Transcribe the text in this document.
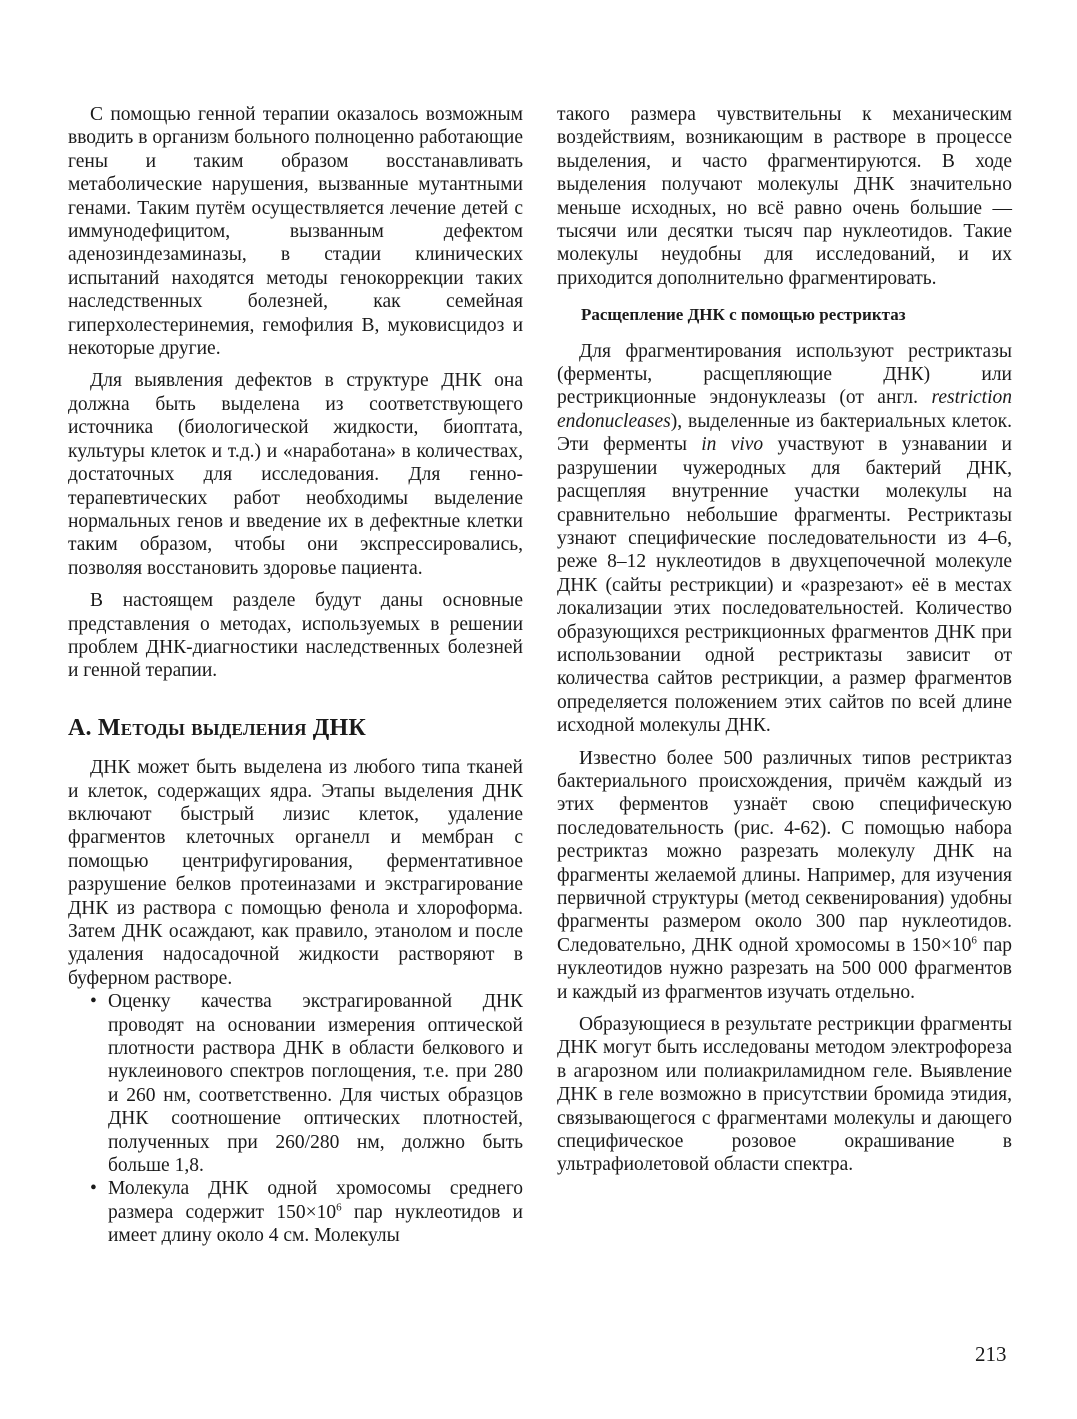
С помощью генной терапии оказалось возможным вводить в организм больного полноценно работающие гены и таким образом восстанавливать метаболические нарушения, вызванные мутантными генами. Таким путём осуществляется лечение детей с иммунодефицитом, вызванным дефектом аденозиндезаминазы, в стадии клинических испытаний находятся методы генокоррекции таких наследственных болезней, как семейная гиперхолестеринемия, гемофилия В, муковисцидоз и некоторые другие.

Для выявления дефектов в структуре ДНК она должна быть выделена из соответствующего источника (биологической жидкости, биоптата, культуры клеток и т.д.) и «наработана» в количествах, достаточных для исследования. Для генно-терапевтических работ необходимы выделение нормальных генов и введение их в дефектные клетки таким образом, чтобы они экспрессировались, позволяя восстановить здоровье пациента.

В настоящем разделе будут даны основные представления о методах, используемых в решении проблем ДНК-диагностики наследственных болезней и генной терапии.

А. Методы выделения ДНК

ДНК может быть выделена из любого типа тканей и клеток, содержащих ядра. Этапы выделения ДНК включают быстрый лизис клеток, удаление фрагментов клеточных органелл и мембран с помощью центрифугирования, ферментативное разрушение белков протеиназами и экстрагирование ДНК из раствора с помощью фенола и хлороформа. Затем ДНК осаждают, как правило, этанолом и после удаления надосадочной жидкости растворяют в буферном растворе.

• Оценку качества экстрагированной ДНК проводят на основании измерения оптической плотности раствора ДНК в области белкового и нуклеинового спектров поглощения, т.е. при 280 и 260 нм, соответственно. Для чистых образцов ДНК соотношение оптических плотностей, полученных при 260/280 нм, должно быть больше 1,8.
• Молекула ДНК одной хромосомы среднего размера содержит $150\times 10^6$ пар нуклеотидов и имеет длину около 4 см. Молекулы

такого размера чувствительны к механическим воздействиям, возникающим в растворе в процессе выделения, и часто фрагментируются. В ходе выделения получают молекулы ДНК значительно меньше исходных, но всё равно очень большие — тысячи или десятки тысяч пар нуклеотидов. Такие молекулы неудобны для исследований, и их приходится дополнительно фрагментировать.

Расщепление ДНК с помощью рестриктаз

Для фрагментирования используют рестриктазы (ферменты, расщепляющие ДНК) или рестрикционные эндонуклеазы (от англ. restriction endonucleases), выделенные из бактериальных клеток. Эти ферменты in vivo участвуют в узнавании и разрушении чужеродных для бактерий ДНК, расщепляя внутренние участки молекулы на сравнительно небольшие фрагменты. Рестриктазы узнают специфические последовательности из 4–6, реже 8–12 нуклеотидов в двухцепочечной молекуле ДНК (сайты рестрикции) и «разрезают» её в местах локализации этих последовательностей. Количество образующихся рестрикционных фрагментов ДНК при использовании одной рестриктазы зависит от количества сайтов рестрикции, а размер фрагментов определяется положением этих сайтов по всей длине исходной молекулы ДНК.

Известно более 500 различных типов рестриктаз бактериального происхождения, причём каждый из этих ферментов узнаёт свою специфическую последовательность (рис. 4-62). С помощью набора рестриктаз можно разрезать молекулу ДНК на фрагменты желаемой длины. Например, для изучения первичной структуры (метод секвенирования) удобны фрагменты размером около 300 пар нуклеотидов. Следовательно, ДНК одной хромосомы в $150\times 10^6$ пар нуклеотидов нужно разрезать на 500 000 фрагментов и каждый из фрагментов изучать отдельно.

Образующиеся в результате рестрикции фрагменты ДНК могут быть исследованы методом электрофореза в агарозном или полиакриламидном геле. Выявление ДНК в геле возможно в присутствии бромида этидия, связывающегося с фрагментами молекулы и дающего специфическое розовое окрашивание в ультрафиолетовой области спектра.

213
